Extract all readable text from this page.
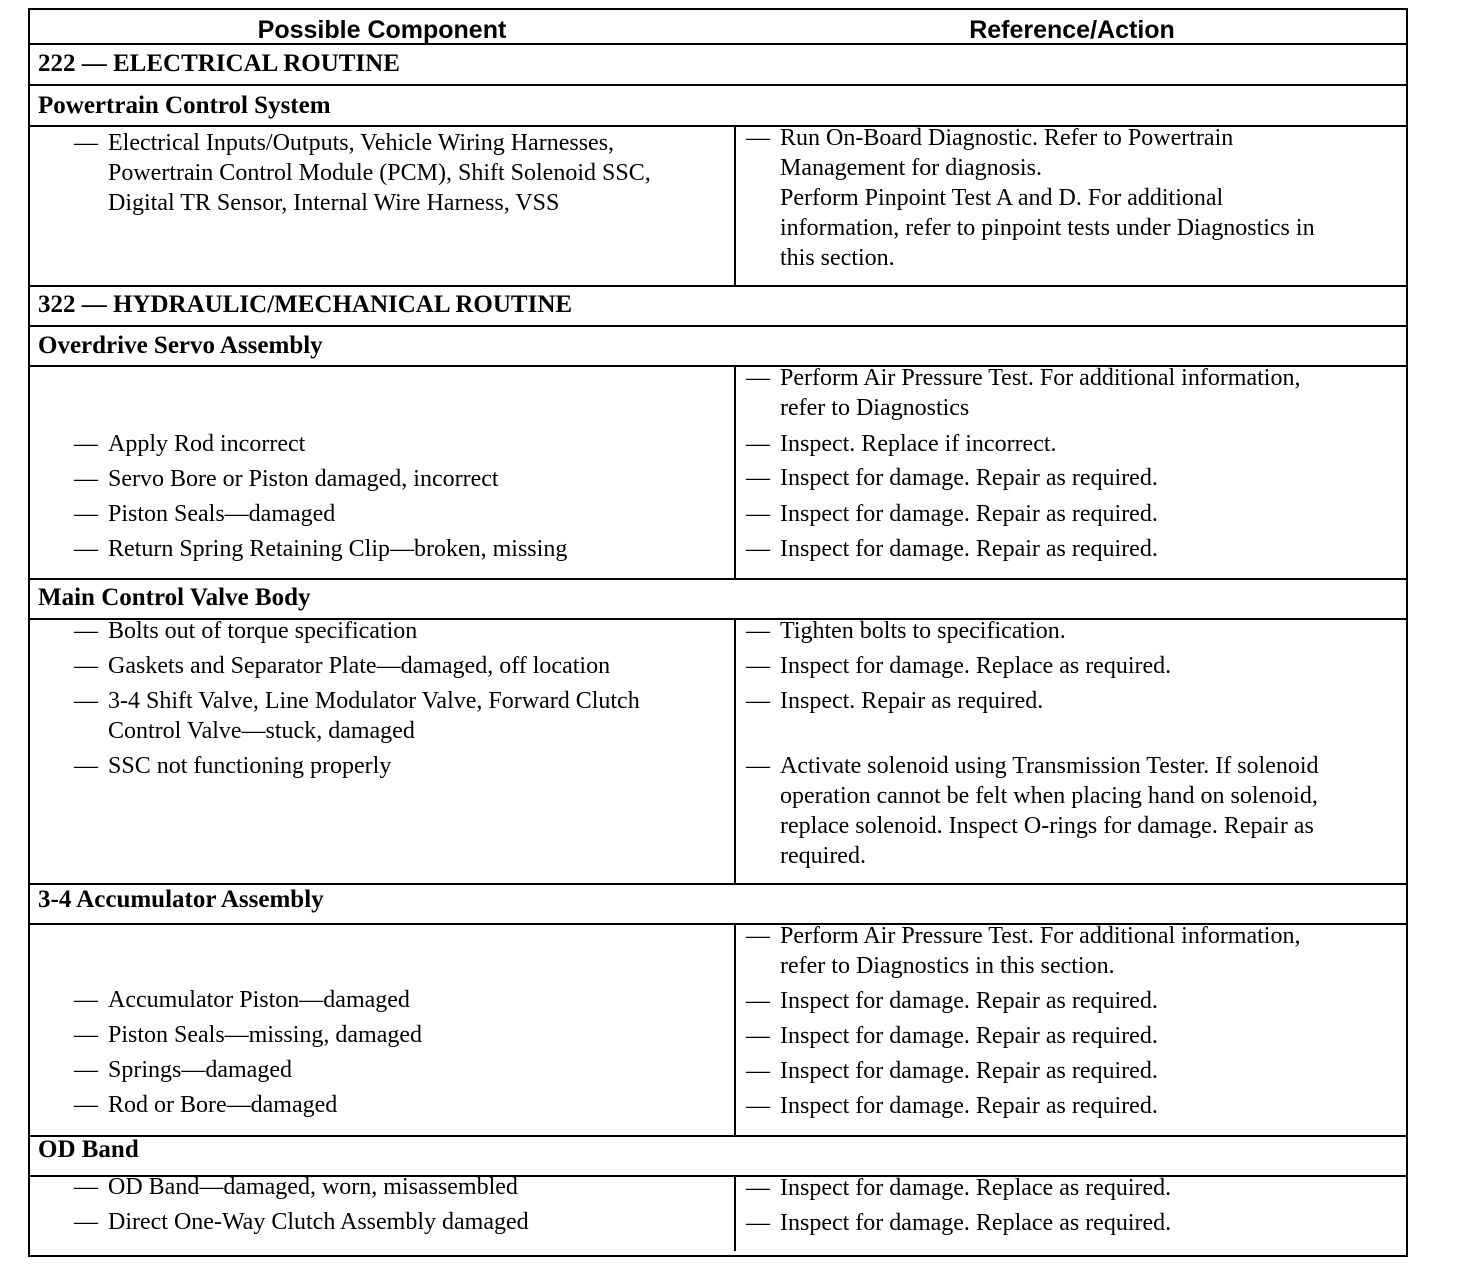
Possible Component	Reference/Action
222 — ELECTRICAL ROUTINE
Powertrain Control System
— Electrical Inputs/Outputs, Vehicle Wiring Harnesses,
Powertrain Control Module (PCM), Shift Solenoid SSC,
Digital TR Sensor, Internal Wire Harness, VSS
— Run On-Board Diagnostic. Refer to Powertrain
Management for diagnosis.
Perform Pinpoint Test A and D. For additional
information, refer to pinpoint tests under Diagnostics in
this section.
322 — HYDRAULIC/MECHANICAL ROUTINE
Overdrive Servo Assembly
— Apply Rod incorrect
— Servo Bore or Piston damaged, incorrect
— Piston Seals—damaged
— Return Spring Retaining Clip—broken, missing
— Perform Air Pressure Test. For additional information,
refer to Diagnostics
— Inspect. Replace if incorrect.
— Inspect for damage. Repair as required.
— Inspect for damage. Repair as required.
— Inspect for damage. Repair as required.
Main Control Valve Body
— Bolts out of torque specification
— Gaskets and Separator Plate—damaged, off location
— 3-4 Shift Valve, Line Modulator Valve, Forward Clutch
Control Valve—stuck, damaged
— SSC not functioning properly
— Tighten bolts to specification.
— Inspect for damage. Replace as required.
— Inspect. Repair as required.
— Activate solenoid using Transmission Tester. If solenoid
operation cannot be felt when placing hand on solenoid,
replace solenoid. Inspect O-rings for damage. Repair as
required.
3-4 Accumulator Assembly
— Accumulator Piston—damaged
— Piston Seals—missing, damaged
— Springs—damaged
— Rod or Bore—damaged
— Perform Air Pressure Test. For additional information,
refer to Diagnostics in this section.
— Inspect for damage. Repair as required.
— Inspect for damage. Repair as required.
— Inspect for damage. Repair as required.
— Inspect for damage. Repair as required.
OD Band
— OD Band—damaged, worn, misassembled
— Direct One-Way Clutch Assembly damaged
— Inspect for damage. Replace as required.
— Inspect for damage. Replace as required.
